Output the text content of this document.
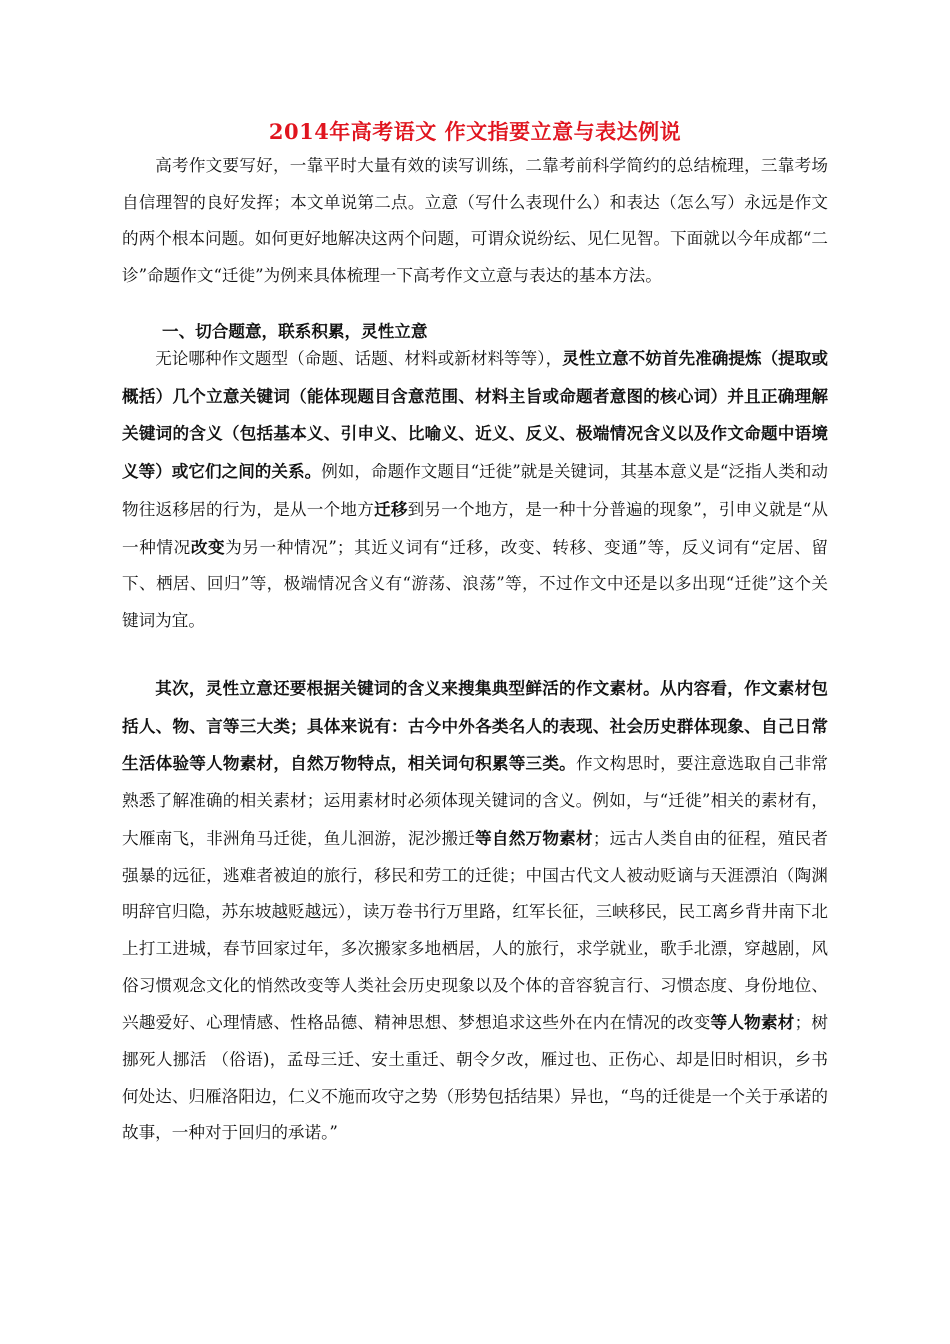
2014年高考语文 作文指要立意与表达例说

高考作文要写好，一靠平时大量有效的读写训练，二靠考前科学简约的总结梳理，三靠考场自信理智的良好发挥；本文单说第二点。立意（写什么表现什么）和表达（怎么写）永远是作文的两个根本问题。如何更好地解决这两个问题，可谓众说纷纭、见仁见智。下面就以今年成都“二诊”命题作文“迁徙”为例来具体梳理一下高考作文立意与表达的基本方法。

一、切合题意，联系积累，灵性立意

无论哪种作文题型（命题、话题、材料或新材料等等），灵性立意不妨首先准确提炼（提取或概括）几个立意关键词（能体现题目含意范围、材料主旨或命题者意图的核心词）并且正确理解关键词的含义（包括基本义、引申义、比喻义、近义、反义、极端情况含义以及作文命题中语境义等）或它们之间的关系。例如，命题作文题目“迁徙”就是关键词，其基本意义是“泛指人类和动物往返移居的行为，是从一个地方迁移到另一个地方，是一种十分普遍的现象”，引申义就是“从一种情况改变为另一种情况”；其近义词有“迁移，改变、转移、变通”等，反义词有“定居、留下、栖居、回归”等，极端情况含义有“游荡、浪荡”等，不过作文中还是以多出现“迁徙”这个关键词为宜。

其次，灵性立意还要根据关键词的含义来搜集典型鲜活的作文素材。从内容看，作文素材包括人、物、言等三大类；具体来说有：古今中外各类名人的表现、社会历史群体现象、自己日常生活体验等人物素材，自然万物特点，相关词句积累等三类。作文构思时，要注意选取自己非常熟悉了解准确的相关素材；运用素材时必须体现关键词的含义。例如，与“迁徙”相关的素材有，大雁南飞，非洲角马迁徙，鱼儿洄游，泥沙搬迁等自然万物素材；远古人类自由的征程，殖民者强暴的远征，逃难者被迫的旅行，移民和劳工的迁徙；中国古代文人被动贬谪与天涯漂泊（陶渊明辞官归隐，苏东坡越贬越远），读万卷书行万里路，红军长征，三峡移民，民工离乡背井南下北上打工进城，春节回家过年，多次搬家多地栖居，人的旅行，求学就业，歌手北漂，穿越剧，风俗习惯观念文化的悄然改变等人类社会历史现象以及个体的音容貌言行、习惯态度、身份地位、兴趣爱好、心理情感、性格品德、精神思想、梦想追求这些外在内在情况的改变等人物素材；树挪死人挪活 （俗语)，孟母三迁、安土重迁、朝令夕改，雁过也、正伤心、却是旧时相识，乡书何处达、归雁洛阳边，仁义不施而攻守之势（形势包括结果）异也，“鸟的迁徙是一个关于承诺的故事，一种对于回归的承诺。”
